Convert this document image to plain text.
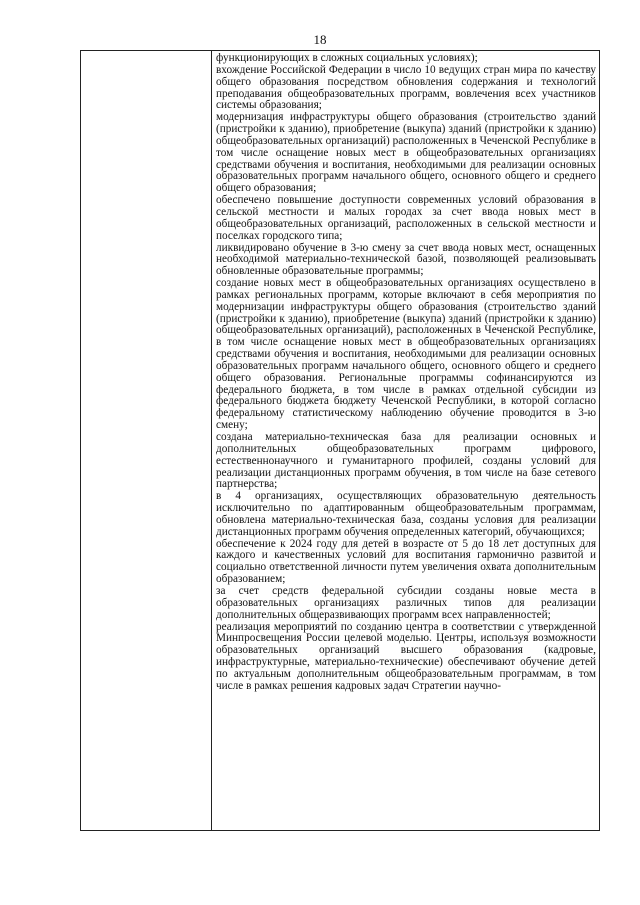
18

функционирующих в сложных социальных условиях);

вхождение Российской Федерации в число 10 ведущих стран мира по качеству общего образования посредством обновления содержания и технологий преподавания общеобразовательных программ, вовлечения всех участников системы образования;

модернизация инфраструктуры общего образования (строительство зданий (пристройки к зданию), приобретение (выкупа) зданий (пристройки к зданию) общеобразовательных организаций) расположенных в Чеченской Республике в том числе оснащение новых мест в общеобразовательных организациях средствами обучения и воспитания, необходимыми для реализации основных образовательных программ начального общего, основного общего и среднего общего образования;

обеспечено повышение доступности современных условий образования в сельской местности и малых городах за счет ввода новых мест в общеобразовательных организаций, расположенных в сельской местности и поселках городского типа;

ликвидировано обучение в 3-ю смену за счет ввода новых мест, оснащенных необходимой материально-технической базой, позволяющей реализовывать обновленные образовательные программы;

создание новых мест в общеобразовательных организациях осуществлено в рамках региональных программ, которые включают в себя мероприятия по модернизации инфраструктуры общего образования (строительство зданий (пристройки к зданию), приобретение (выкупа) зданий (пристройки к зданию) общеобразовательных организаций), расположенных в Чеченской Республике, в том числе оснащение новых мест в общеобразовательных организациях средствами обучения и воспитания, необходимыми для реализации основных образовательных программ начального общего, основного общего и среднего общего образования. Региональные программы софинансируются из федерального бюджета, в том числе в рамках отдельной субсидии из федерального бюджета бюджету Чеченской Республики, в которой согласно федеральному статистическому наблюдению обучение проводится в 3-ю смену;

создана материально-техническая база для реализации основных и дополнительных общеобразовательных программ цифрового, естественнонаучного и гуманитарного профилей, созданы условий для реализации дистанционных программ обучения, в том числе на базе сетевого партнерства;

в 4 организациях, осуществляющих образовательную деятельность исключительно по адаптированным общеобразовательным программам, обновлена материально-техническая база, созданы условия для реализации дистанционных программ обучения определенных категорий, обучающихся;

обеспечение к 2024 году для детей в возрасте от 5 до 18 лет доступных для каждого и качественных условий для воспитания гармонично развитой и социально ответственной личности путем увеличения охвата дополнительным образованием;

за счет средств федеральной субсидии созданы новые места в образовательных организациях различных типов для реализации дополнительных общеразвивающих программ всех направленностей;

реализация мероприятий по созданию центра в соответствии с утвержденной Минпросвещения России целевой моделью. Центры, используя возможности образовательных организаций высшего образования (кадровые, инфраструктурные, материально-технические) обеспечивают обучение детей по актуальным дополнительным общеобразовательным программам, в том числе в рамках решения кадровых задач Стратегии научно-
